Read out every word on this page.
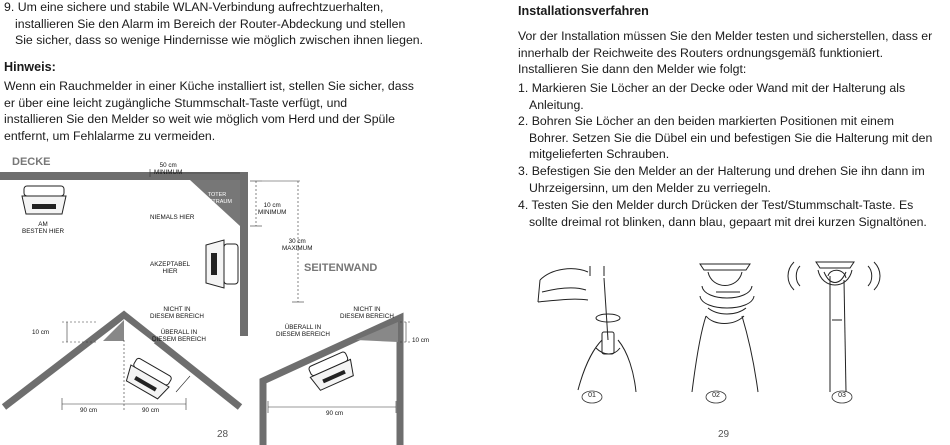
9. Um eine sichere und stabile WLAN-Verbindung aufrechtzuerhalten,
installieren Sie den Alarm im Bereich der Router-Abdeckung und stellen
Sie sicher, dass so wenige Hindernisse wie möglich zwischen ihnen liegen.

Hinweis:

Wenn ein Rauchmelder in einer Küche installiert ist, stellen Sie sicher, dass
er über eine leicht zugängliche Stummschalt-Taste verfügt, und
installieren Sie den Melder so weit wie möglich vom Herd und der Spüle
entfernt, um Fehlalarme zu vermeiden.

DECKE
SEITENWAND
50 cm
MINIMUM
TOTER
LUFTRAUM	10 cm
MINIMUM
30 cm
MAXIMUM
NIEMALS HIER
AM
BESTEN HIER
AKZEPTABEL
HIER
NICHT IN
DIESEM BEREICH
ÜBERALL IN
DIESEM BEREICH
10 cm
90 cm	90 cm
NICHT IN
DIESEM BEREICH
ÜBERALL IN
DIESEM BEREICH
10 cm
90 cm
28

Installationsverfahren

Vor der Installation müssen Sie den Melder testen und sicherstellen, dass er
innerhalb der Reichweite des Routers ordnungsgemäß funktioniert.
Installieren Sie dann den Melder wie folgt:

1. Markieren Sie Löcher an der Decke oder Wand mit der Halterung als
Anleitung.

2. Bohren Sie Löcher an den beiden markierten Positionen mit einem
Bohrer. Setzen Sie die Dübel ein und befestigen Sie die Halterung mit den
mitgelieferten Schrauben.

3. Befestigen Sie den Melder an der Halterung und drehen Sie ihn dann im
Uhrzeigersinn, um den Melder zu verriegeln.

4. Testen Sie den Melder durch Drücken der Test/Stummschalt-Taste. Es
sollte dreimal rot blinken, dann blau, gepaart mit drei kurzen Signaltönen.

01	02	03
29
